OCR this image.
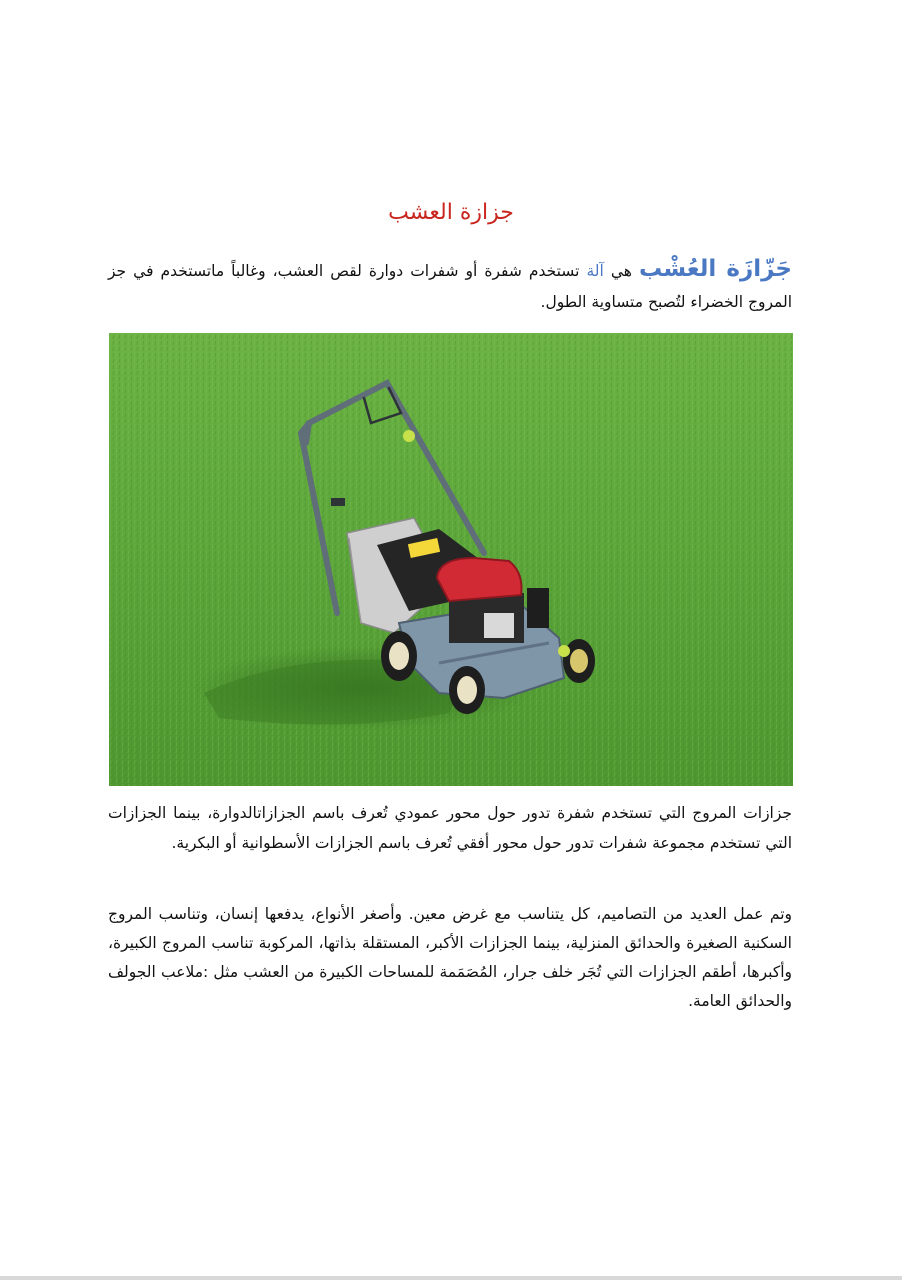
جزازة العشب
جَزّازَة العُشْب هي آلة تستخدم شفرة أو شفرات دوارة لقص العشب، وغالباً ماتستخدم في جز المروج الخضراء لتُصبح متساوية الطول.
جزازات المروج التي تستخدم شفرة تدور حول محور عمودي تُعرف باسم الجزازاتالدوارة، بينما الجزازات التي تستخدم مجموعة شفرات تدور حول محور أفقي تُعرف باسم الجزازات الأسطوانية أو البكرية.
وتم عمل العديد من التصاميم، كل يتناسب مع غرض معين. وأصغر الأنواع، يدفعها إنسان، وتناسب المروج السكنية الصغيرة والحدائق المنزلية، بينما الجزازات الأكبر، المستقلة بذاتها، المركوبة تناسب المروج الكبيرة، وأكبرها، أطقم الجزازات التي تُجَر خلف جرار، المُصَمَمة للمساحات الكبيرة من العشب مثل :ملاعب الجولف والحدائق العامة.
